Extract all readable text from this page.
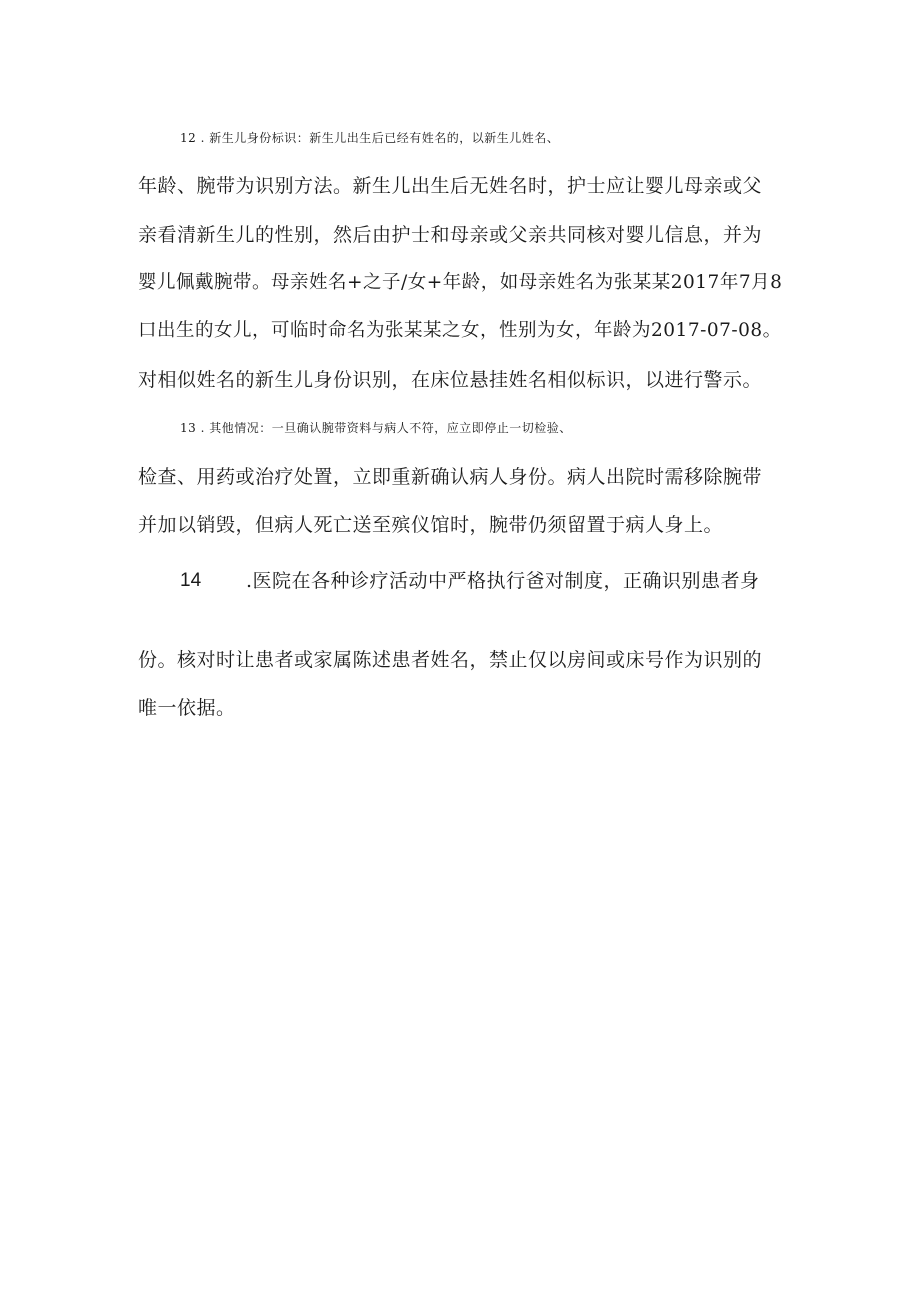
12 . 新生儿身份标识：新生儿出生后已经有姓名的，以新生儿姓名、
年龄、腕带为识别方法。新生儿出生后无姓名时，护士应让婴儿母亲或父
亲看清新生儿的性别，然后由护士和母亲或父亲共同核对婴儿信息，并为
婴儿佩戴腕带。母亲姓名+之子/女+年龄，如母亲姓名为张某某2017年7月8
口出生的女儿，可临时命名为张某某之女，性别为女，年龄为2017-07-08。
对相似姓名的新生儿身份识别，在床位悬挂姓名相似标识，以进行警示。
13 . 其他情况：一旦确认腕带资料与病人不符，应立即停止一切检验、
检查、用药或治疗处置，立即重新确认病人身份。病人出院时需移除腕带
并加以销毁，但病人死亡送至殡仪馆时，腕带仍须留置于病人身上。
14 .医院在各种诊疗活动中严格执行爸对制度，正确识别患者身
份。核对时让患者或家属陈述患者姓名，禁止仅以房间或床号作为识别的
唯一依据。
